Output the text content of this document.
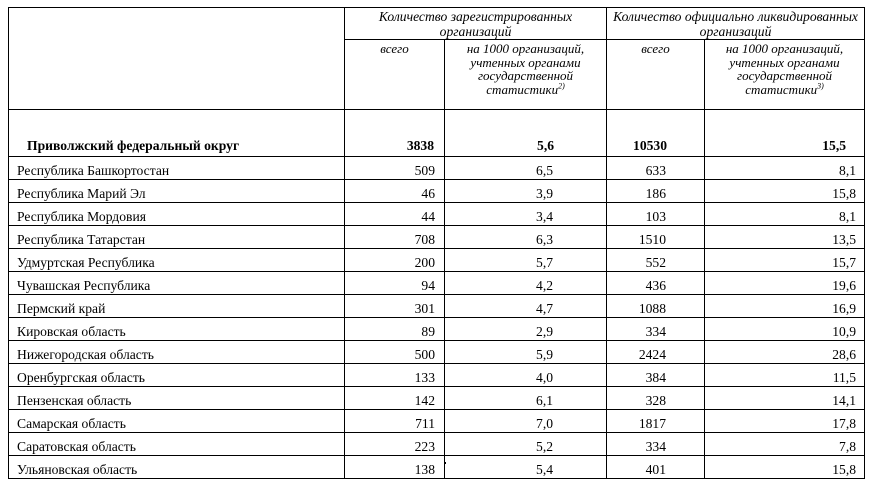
	Количество зарегистрированных организаций		Количество официально ликвидированных организаций	
	всего	на 1000 организаций, учтенных органами государственной статистики$^{2)}$	всего	на 1000 организаций, учтенных органами государственной статистики$^{3)}$
Приволжский федеральный округ	3838	5,6	10530	15,5
Республика Башкортостан	509	6,5	633	8,1
Республика Марий Эл	46	3,9	186	15,8
Республика Мордовия	44	3,4	103	8,1
Республика Татарстан	708	6,3	1510	13,5
Удмуртская Республика	200	5,7	552	15,7
Чувашская Республика	94	4,2	436	19,6
Пермский край	301	4,7	1088	16,9
Кировская область	89	2,9	334	10,9
Нижегородская область	500	5,9	2424	28,6
Оренбургская область	133	4,0	384	11,5
Пензенская область	142	6,1	328	14,1
Самарская область	711	7,0	1817	17,8
Саратовская область	223	5,2	334	7,8
Ульяновская область	138	5,4	401	15,8
